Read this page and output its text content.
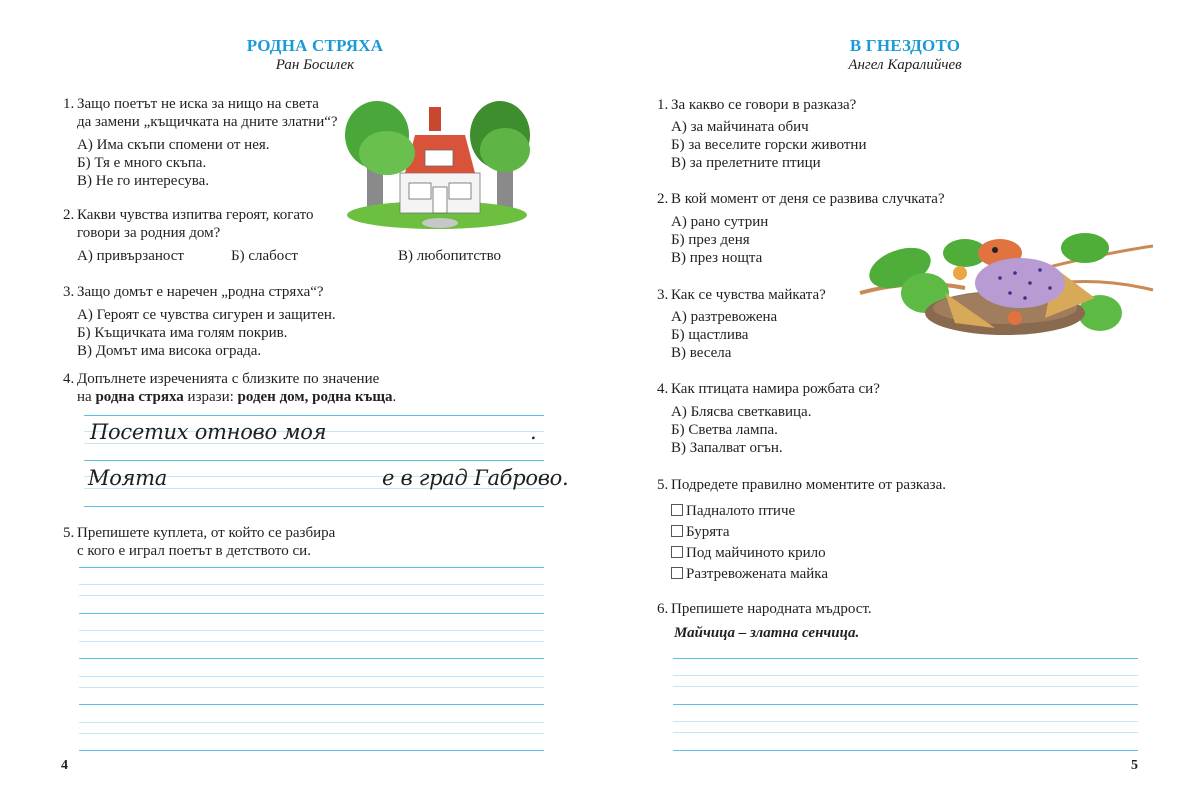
РОДНА СТРЯХА
Ран Босилек
1. Защо поетът не иска за нищо на света
да замени „къщичката на дните златни“?
А) Има скъпи спомени от нея.
Б) Тя е много скъпа.
В) Не го интересува.
2. Какви чувства изпитва героят, когато
говори за родния дом?
А) привързаност	Б) слабост	В) любопитство
3. Защо домът е наречен „родна стряха“?
А) Героят се чувства сигурен и защитен.
Б) Къщичката има голям покрив.
В) Домът има висока ограда.
4. Допълнете изреченията с близките по значение
на родна стряха изрази: роден дом, родна къща.
Посетих отново моя	.
Моята	е в град Габрово.
5. Препишете куплета, от който се разбира
с кого е играл поетът в детството си.
4
В ГНЕЗДОТО
Ангел Каралийчев
1. За какво се говори в разказа?
А) за майчината обич
Б) за веселите горски животни
В) за прелетните птици
2. В кой момент от деня се развива случката?
А) рано сутрин
Б) през деня
В) през нощта
3. Как се чувства майката?
А) разтревожена
Б) щастлива
В) весела
4. Как птицата намира рожбата си?
А) Блясва светкавица.
Б) Светва лампа.
В) Запалват огън.
5. Подредете правилно моментите от разказа.
Падналото птиче
Бурята
Под майчиното крило
Разтревожената майка
6. Препишете народната мъдрост.
Майчица – златна сенчица.
5
